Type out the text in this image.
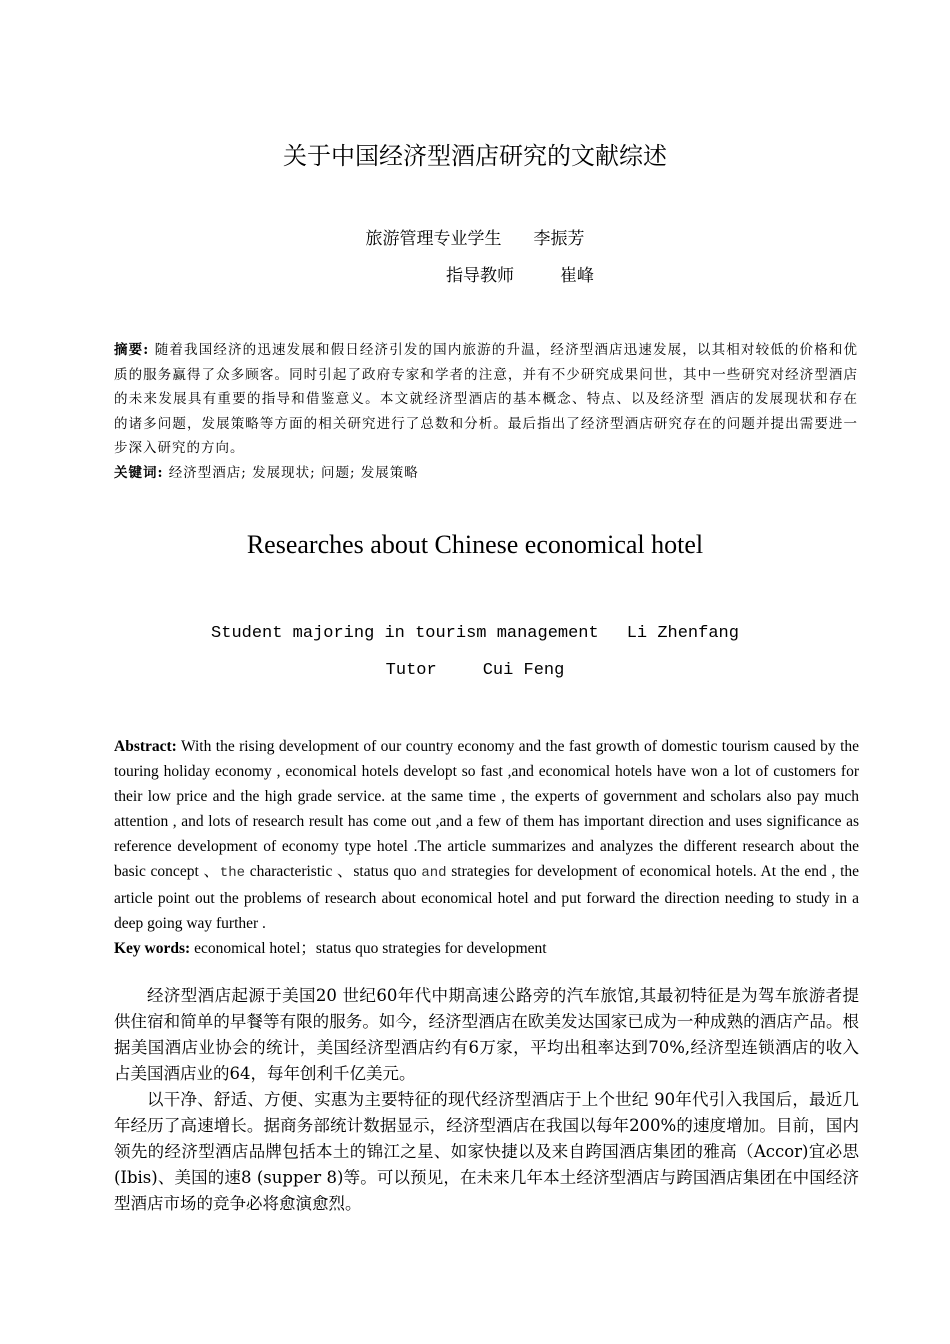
关于中国经济型酒店研究的文献综述
旅游管理专业学生 李振芳
指导教师	崔峰
摘要: 随着我国经济的迅速发展和假日经济引发的国内旅游的升温，经济型酒店迅速发展，以其相对较低的价格和优质的服务赢得了众多顾客。同时引起了政府专家和学者的注意，并有不少研究成果问世，其中一些研究对经济型酒店的未来发展具有重要的指导和借鉴意义。本文就经济型酒店的基本概念、特点、以及经济型 酒店的发展现状和存在的诸多问题，发展策略等方面的相关研究进行了总数和分析。最后指出了经济型酒店研究存在的问题并提出需要进一步深入研究的方向。
关键词: 经济型酒店; 发展现状; 问题; 发展策略
Researches about Chinese economical hotel
Student majoring in tourism management Li Zhenfang
Tutor	Cui Feng
Abstract: With the rising development of our country economy and the fast growth of domestic tourism caused by the touring holiday economy , economical hotels developt so fast ,and economical hotels have won a lot of customers for their low price and the high grade service. at the same time , the experts of government and scholars also pay much attention , and lots of research result has come out ,and a few of them has important direction and uses significance as reference development of economy type hotel .The article summarizes and analyzes the different research about the basic concept 、the characteristic 、status quo and strategies for development of economical hotels. At the end , the article point out the problems of research about economical hotel and put forward the direction needing to study in a deep going way further .
Key words: economical hotel；status quo strategies for development

经济型酒店起源于美国20 世纪60年代中期高速公路旁的汽车旅馆,其最初特征是为驾车旅游者提供住宿和简单的早餐等有限的服务。如今，经济型酒店在欧美发达国家已成为一种成熟的酒店产品。根据美国酒店业协会的统计，美国经济型酒店约有6万家，平均出租率达到70%,经济型连锁酒店的收入占美国酒店业的64，每年创利千亿美元。

以干净、舒适、方便、实惠为主要特征的现代经济型酒店于上个世纪 90年代引入我国后，最近几年经历了高速增长。据商务部统计数据显示，经济型酒店在我国以每年200%的速度增加。目前，国内领先的经济型酒店品牌包括本土的锦江之星、如家快捷以及来自跨国酒店集团的雅高（Accor)宜必思(Ibis)、美国的速8 (supper 8)等。可以预见，在未来几年本土经济型酒店与跨国酒店集团在中国经济型酒店市场的竞争必将愈演愈烈。
